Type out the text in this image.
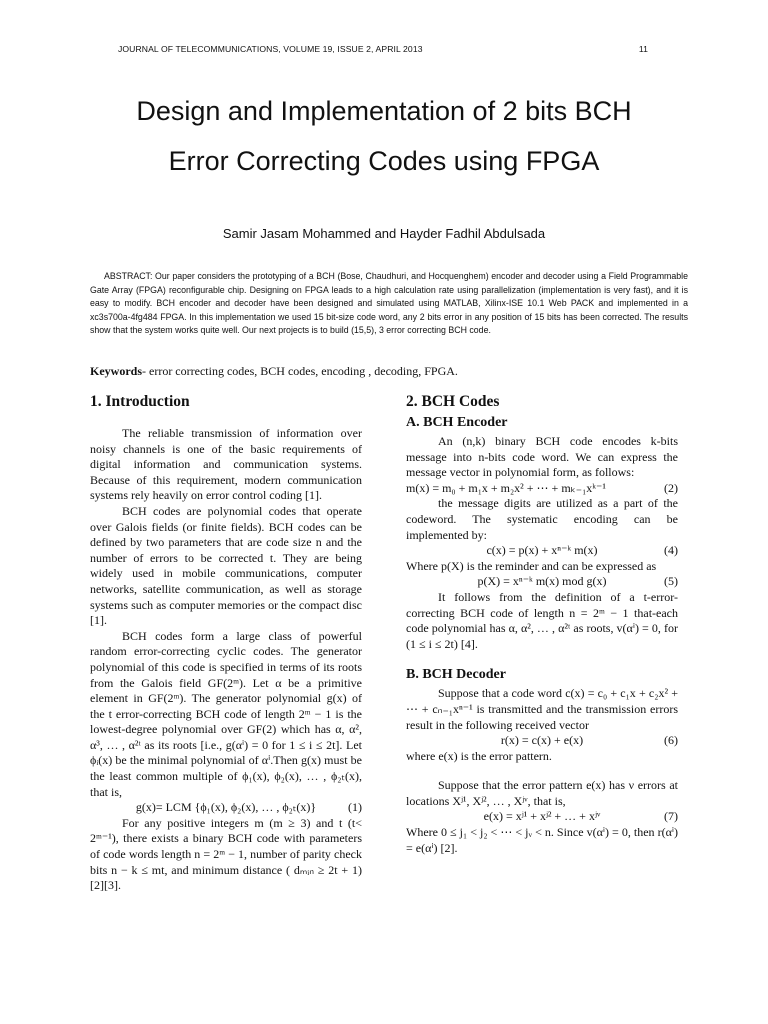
JOURNAL OF TELECOMMUNICATIONS, VOLUME 19, ISSUE 2, APRIL 2013	11
Design and Implementation of 2 bits BCH
Error Correcting Codes using FPGA
Samir Jasam Mohammed and Hayder Fadhil Abdulsada

ABSTRACT: Our paper considers the prototyping of a BCH (Bose, Chaudhuri, and Hocquenghem) encoder and decoder using a Field Programmable Gate Array (FPGA) reconfigurable chip. Designing on FPGA leads to a high calculation rate using parallelization (implementation is very fast), and it is easy to modify. BCH encoder and decoder have been designed and simulated using MATLAB, Xilinx-ISE 10.1 Web PACK and implemented in a xc3s700a-4fg484 FPGA. In this implementation we used 15 bit-size code word, any 2 bits error in any position of 15 bits has been corrected. The results show that the system works quite well. Our next projects is to build (15,5), 3 error correcting BCH code.

Keywords- error correcting codes, BCH codes, encoding , decoding, FPGA.
1. Introduction

The reliable transmission of information over noisy channels is one of the basic requirements of digital information and communication systems. Because of this requirement, modern communication systems rely heavily on error control coding [1].

BCH codes are polynomial codes that operate over Galois fields (or finite fields). BCH codes can be defined by two parameters that are code size n and the number of errors to be corrected t. They are being widely used in mobile communications, computer networks, satellite communication, as well as storage systems such as computer memories or the compact disc [1].

BCH codes form a large class of powerful random error-correcting cyclic codes. The generator polynomial of this code is specified in terms of its roots from the Galois field GF(2ᵐ). Let α be a primitive element in GF(2ᵐ). The generator polynomial g(x) of the t error-correcting BCH code of length 2ᵐ − 1 is the lowest-degree polynomial over GF(2) which has α, α², α³, … , α²ᵗ as its roots [i.e., g(αⁱ) = 0 for 1 ≤ i ≤ 2t]. Let ϕᵢ(x) be the minimal polynomial of αⁱ.Then g(x) must be the least common multiple of ϕ₁(x), ϕ₂(x), … , ϕ₂ₜ(x), that is,

g(x)= LCM {ϕ₁(x), ϕ₂(x), … , ϕ₂ₜ(x)}	(1)

For any positive integers m (m ≥ 3) and t (t< 2ᵐ⁻¹), there exists a binary BCH code with parameters of code words length n = 2ᵐ − 1, number of parity check bits n − k ≤ mt, and minimum distance ( dₘᵢₙ ≥ 2t + 1) [2][3].

2. BCH Codes
A. BCH Encoder

An (n,k) binary BCH code encodes k-bits message into n-bits code word. We can express the message vector in polynomial form, as follows:

m(x) = m₀ + m₁x + m₂x² + ⋯ + mₖ₋₁xᵏ⁻¹	(2)

the message digits are utilized as a part of the codeword. The systematic encoding can be implemented by:

c(x) = p(x) + xⁿ⁻ᵏ m(x)	(4)

Where p(X) is the reminder and can be expressed as

p(X) = xⁿ⁻ᵏ m(x) mod g(x)	(5)

It follows from the definition of a t-error-correcting BCH code of length n = 2ᵐ − 1 that-each code polynomial has α, α², … , α²ᵗ as roots, v(αⁱ) = 0, for (1 ≤ i ≤ 2t) [4].

B. BCH Decoder

Suppose that a code word c(x) = c₀ + c₁x + c₂x² + ⋯ + cₙ₋₁xⁿ⁻¹ is transmitted and the transmission errors result in the following received vector

r(x) = c(x) + e(x)	(6)

where e(x) is the error pattern.

Suppose that the error pattern e(x) has ν errors at locations Xʲ¹, Xʲ², … , Xʲᵛ, that is,

e(x) = xʲ¹ + xʲ² + … + xʲᵛ	(7)

Where 0 ≤ j₁ < j₂ < ⋯ < jᵥ < n. Since v(αⁱ) = 0, then r(αⁱ) = e(αⁱ) [2].
